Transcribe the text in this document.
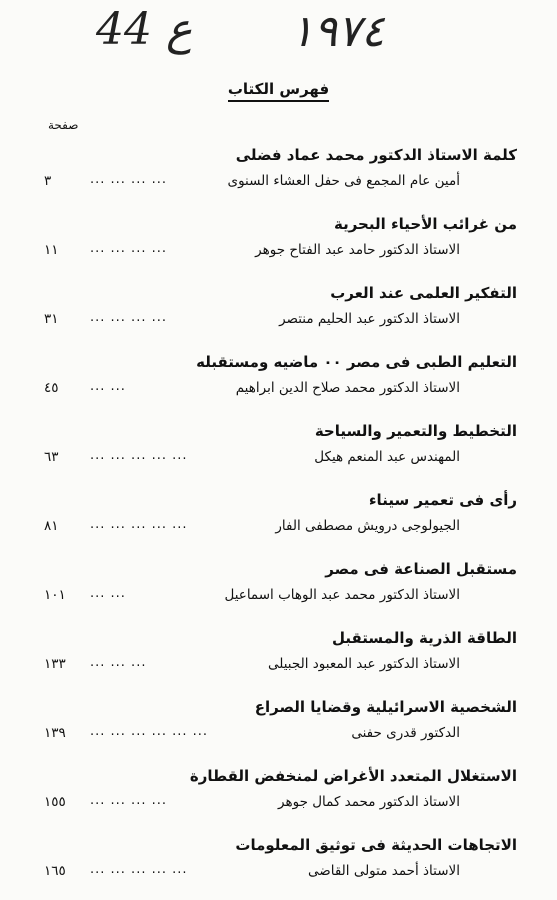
44 ع ١٩٧٤
فهرس الكتاب
صفحة
كلمة الاستاذ الدكتور محمد عماد فضلى
أمين عام المجمع فى حفل العشاء السنوى
... ... ... ...
٣
من غرائب الأحياء البحرية
الاستاذ الدكتور حامد عبد الفتاح جوهر
... ... ... ...
١١
التفكير العلمى عند العرب
الاستاذ الدكتور عبد الحليم منتصر
... ... ... ...
٣١
التعليم الطبى فى مصر ٠٠ ماضيه ومستقبله
الاستاذ الدكتور محمد صلاح الدين ابراهيم
... ...
٤٥
التخطيط والتعمير والسياحة
المهندس عبد المنعم هيكل
... ... ... ... ...
٦٣
رأى فى تعمير سيناء
الجيولوجى درويش مصطفى الفار
... ... ... ... ...
٨١
مستقبل الصناعة فى مصر
الاستاذ الدكتور محمد عبد الوهاب اسماعيل
... ...
١٠١
الطاقة الذرية والمستقبل
الاستاذ الدكتور عبد المعبود الجبيلى
... ... ...
١٣٣
الشخصية الاسرائيلية وقضايا الصراع
الدكتور قدرى حفنى
... ... ... ... ... ...
١٣٩
الاستغلال المتعدد الأغراض لمنخفض القطارة
الاستاذ الدكتور محمد كمال جوهر
... ... ... ...
١٥٥
الاتجاهات الحديثة فى توثيق المعلومات
الاستاذ أحمد متولى القاضى
... ... ... ... ...
١٦٥
